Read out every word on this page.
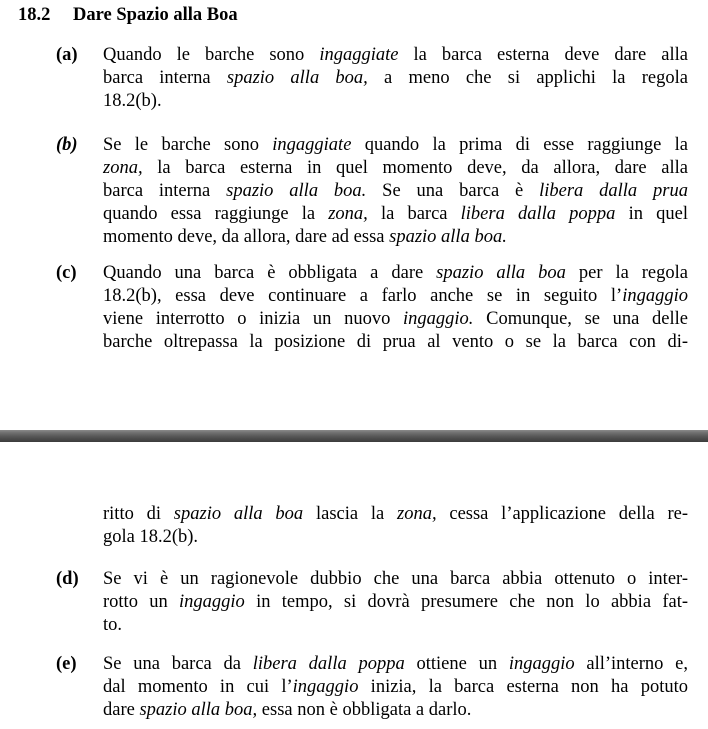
18.2 Dare Spazio alla Boa
(a) Quando le barche sono ingaggiate la barca esterna deve dare alla
barca interna spazio alla boa, a meno che si applichi la regola
18.2(b).
(b) Se le barche sono ingaggiate quando la prima di esse raggiunge la
zona, la barca esterna in quel momento deve, da allora, dare alla
barca interna spazio alla boa. Se una barca è libera dalla prua
quando essa raggiunge la zona, la barca libera dalla poppa in quel
momento deve, da allora, dare ad essa spazio alla boa.
(c) Quando una barca è obbligata a dare spazio alla boa per la regola
18.2(b), essa deve continuare a farlo anche se in seguito l’ingaggio
viene interrotto o inizia un nuovo ingaggio. Comunque, se una delle
barche oltrepassa la posizione di prua al vento o se la barca con di-
ritto di spazio alla boa lascia la zona, cessa l’applicazione della re-
gola 18.2(b).
(d) Se vi è un ragionevole dubbio che una barca abbia ottenuto o inter-
rotto un ingaggio in tempo, si dovrà presumere che non lo abbia fat-
to.
(e) Se una barca da libera dalla poppa ottiene un ingaggio all’interno e,
dal momento in cui l’ingaggio inizia, la barca esterna non ha potuto
dare spazio alla boa, essa non è obbligata a darlo.
